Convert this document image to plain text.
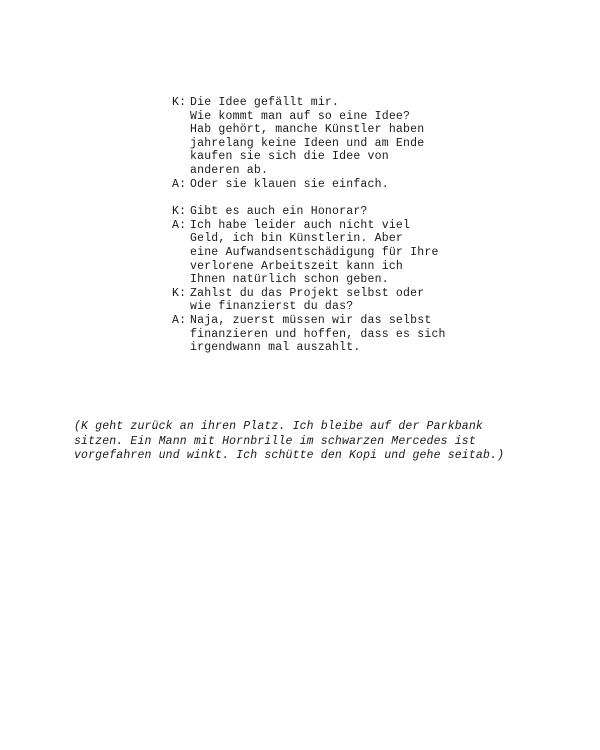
K: Die Idee gefällt mir.
Wie kommt man auf so eine Idee?
Hab gehört, manche Künstler haben
jahrelang keine Ideen und am Ende
kaufen sie sich die Idee von
anderen ab.
A: Oder sie klauen sie einfach.
K: Gibt es auch ein Honorar?
A: Ich habe leider auch nicht viel
Geld, ich bin Künstlerin. Aber
eine Aufwandsentschädigung für Ihre
verlorene Arbeitszeit kann ich
Ihnen natürlich schon geben.
K: Zahlst du das Projekt selbst oder
wie finanzierst du das?
A: Naja, zuerst müssen wir das selbst
finanzieren und hoffen, dass es sich
irgendwann mal auszahlt.
(K geht zurück an ihren Platz. Ich bleibe auf der Parkbank
sitzen. Ein Mann mit Hornbrille im schwarzen Mercedes ist
vorgefahren und winkt. Ich schütte den Kopi und gehe seitab.)
